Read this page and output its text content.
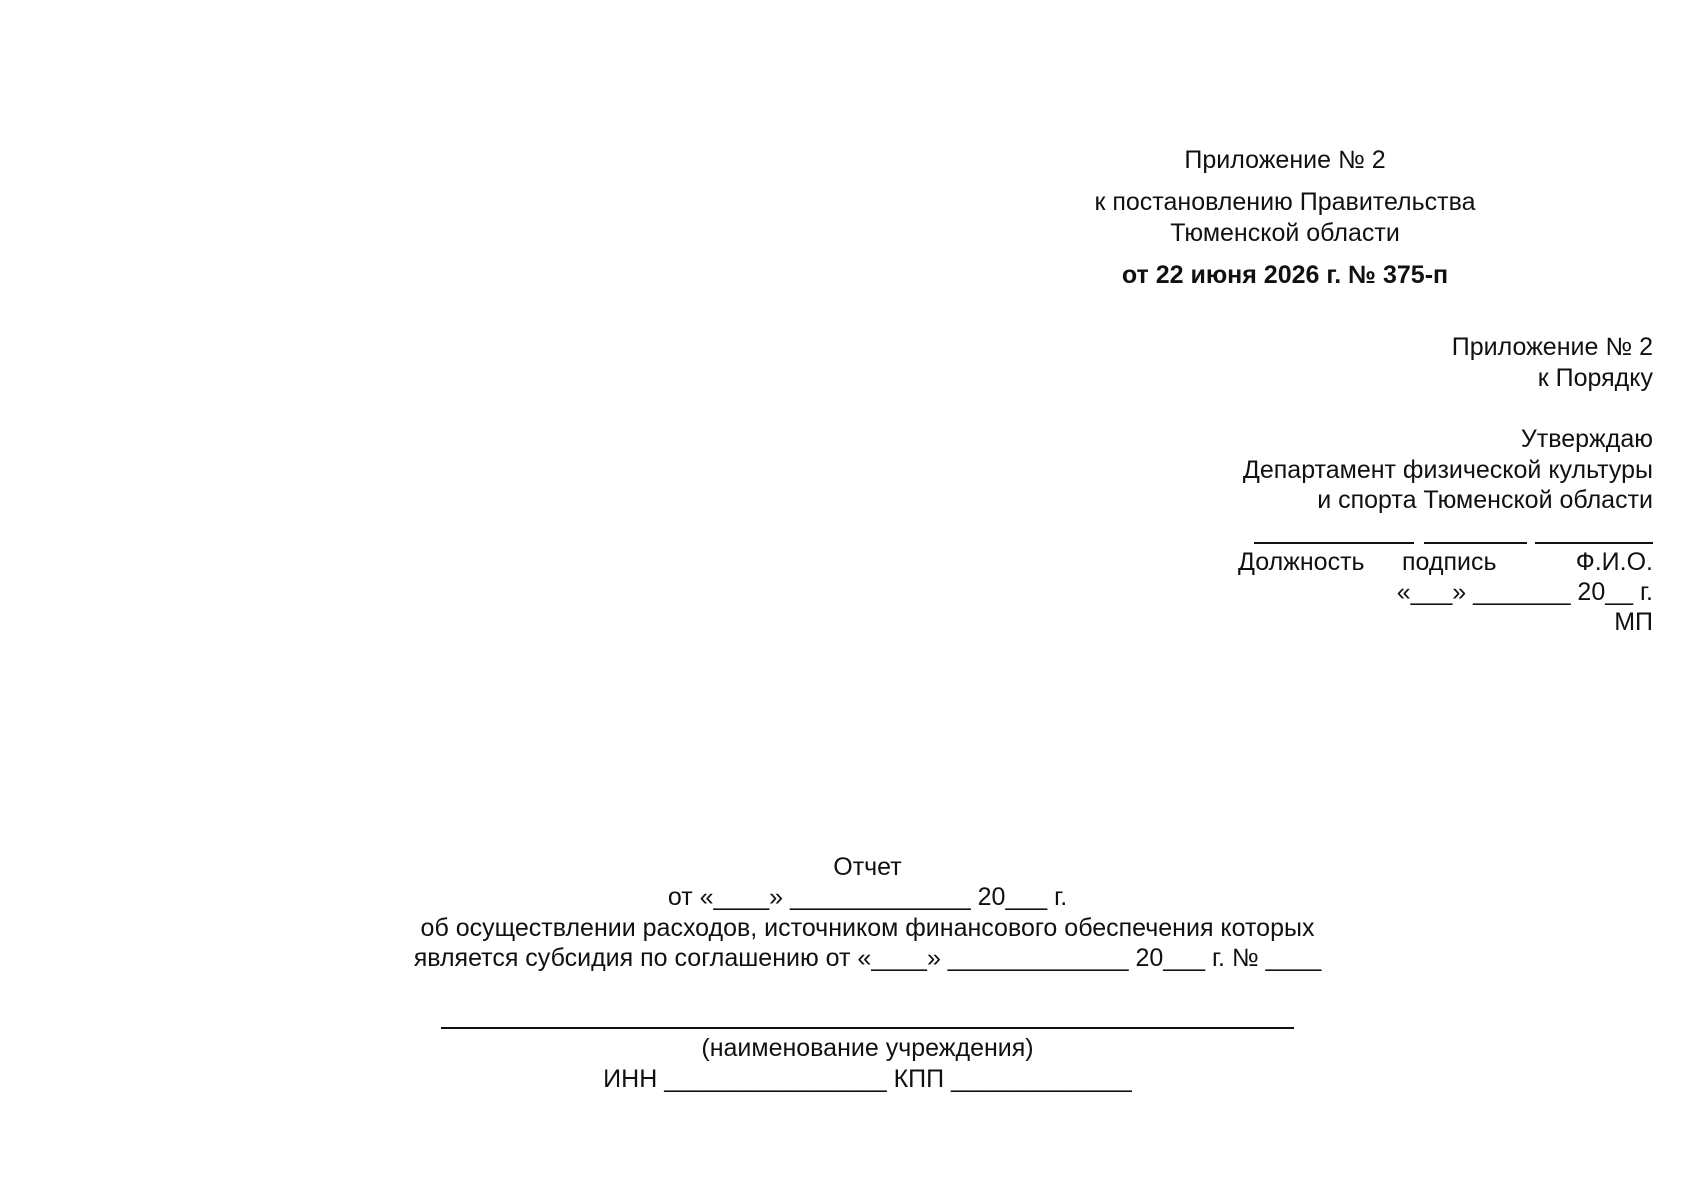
Приложение № 2
к постановлению Правительства
Тюменской области
от 22 июня 2026 г. № 375-п
Приложение № 2
к Порядку
Утверждаю
Департамент физической культуры
и спорта Тюменской области
Должность подпись	Ф.И.О.
«___» _______ 20__ г.
МП
Отчет
от «____» _____________ 20___ г.
об осуществлении расходов, источником финансового обеспечения которых
является субсидия по соглашению от «____» _____________ 20___ г. № ____
(наименование учреждения)
ИНН ________________ КПП _____________
